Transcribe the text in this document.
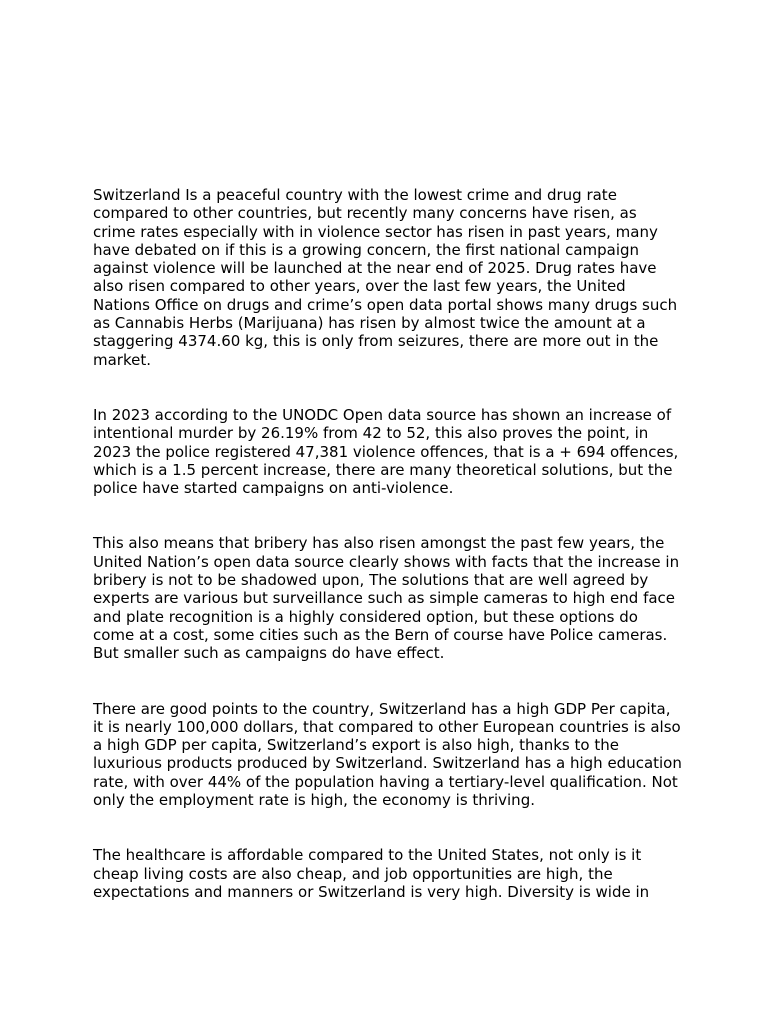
Switzerland Is a peaceful country with the lowest crime and drug rate compared to other countries, but recently many concerns have risen, as crime rates especially with in violence sector has risen in past years, many have debated on if this is a growing concern, the first national campaign against violence will be launched at the near end of 2025. Drug rates have also risen compared to other years, over the last few years, the United Nations Office on drugs and crime’s open data portal shows many drugs such as Cannabis Herbs (Marijuana) has risen by almost twice the amount at a staggering 4374.60 kg, this is only from seizures, there are more out in the market.

In 2023 according to the UNODC Open data source has shown an increase of intentional murder by 26.19% from 42 to 52, this also proves the point, in 2023 the police registered 47,381 violence offences, that is a + 694 offences, which is a 1.5 percent increase, there are many theoretical solutions, but the police have started campaigns on anti-violence.

This also means that bribery has also risen amongst the past few years, the United Nation’s open data source clearly shows with facts that the increase in bribery is not to be shadowed upon, The solutions that are well agreed by experts are various but surveillance such as simple cameras to high end face and plate recognition is a highly considered option, but these options do come at a cost, some cities such as the Bern of course have Police cameras. But smaller such as campaigns do have effect.

There are good points to the country, Switzerland has a high GDP Per capita, it is nearly 100,000 dollars, that compared to other European countries is also a high GDP per capita, Switzerland’s export is also high, thanks to the luxurious products produced by Switzerland. Switzerland has a high education rate, with over 44% of the population having a tertiary-level qualification. Not only the employment rate is high, the economy is thriving.

The healthcare is affordable compared to the United States, not only is it cheap living costs are also cheap, and job opportunities are high, the expectations and manners or Switzerland is very high. Diversity is wide in
